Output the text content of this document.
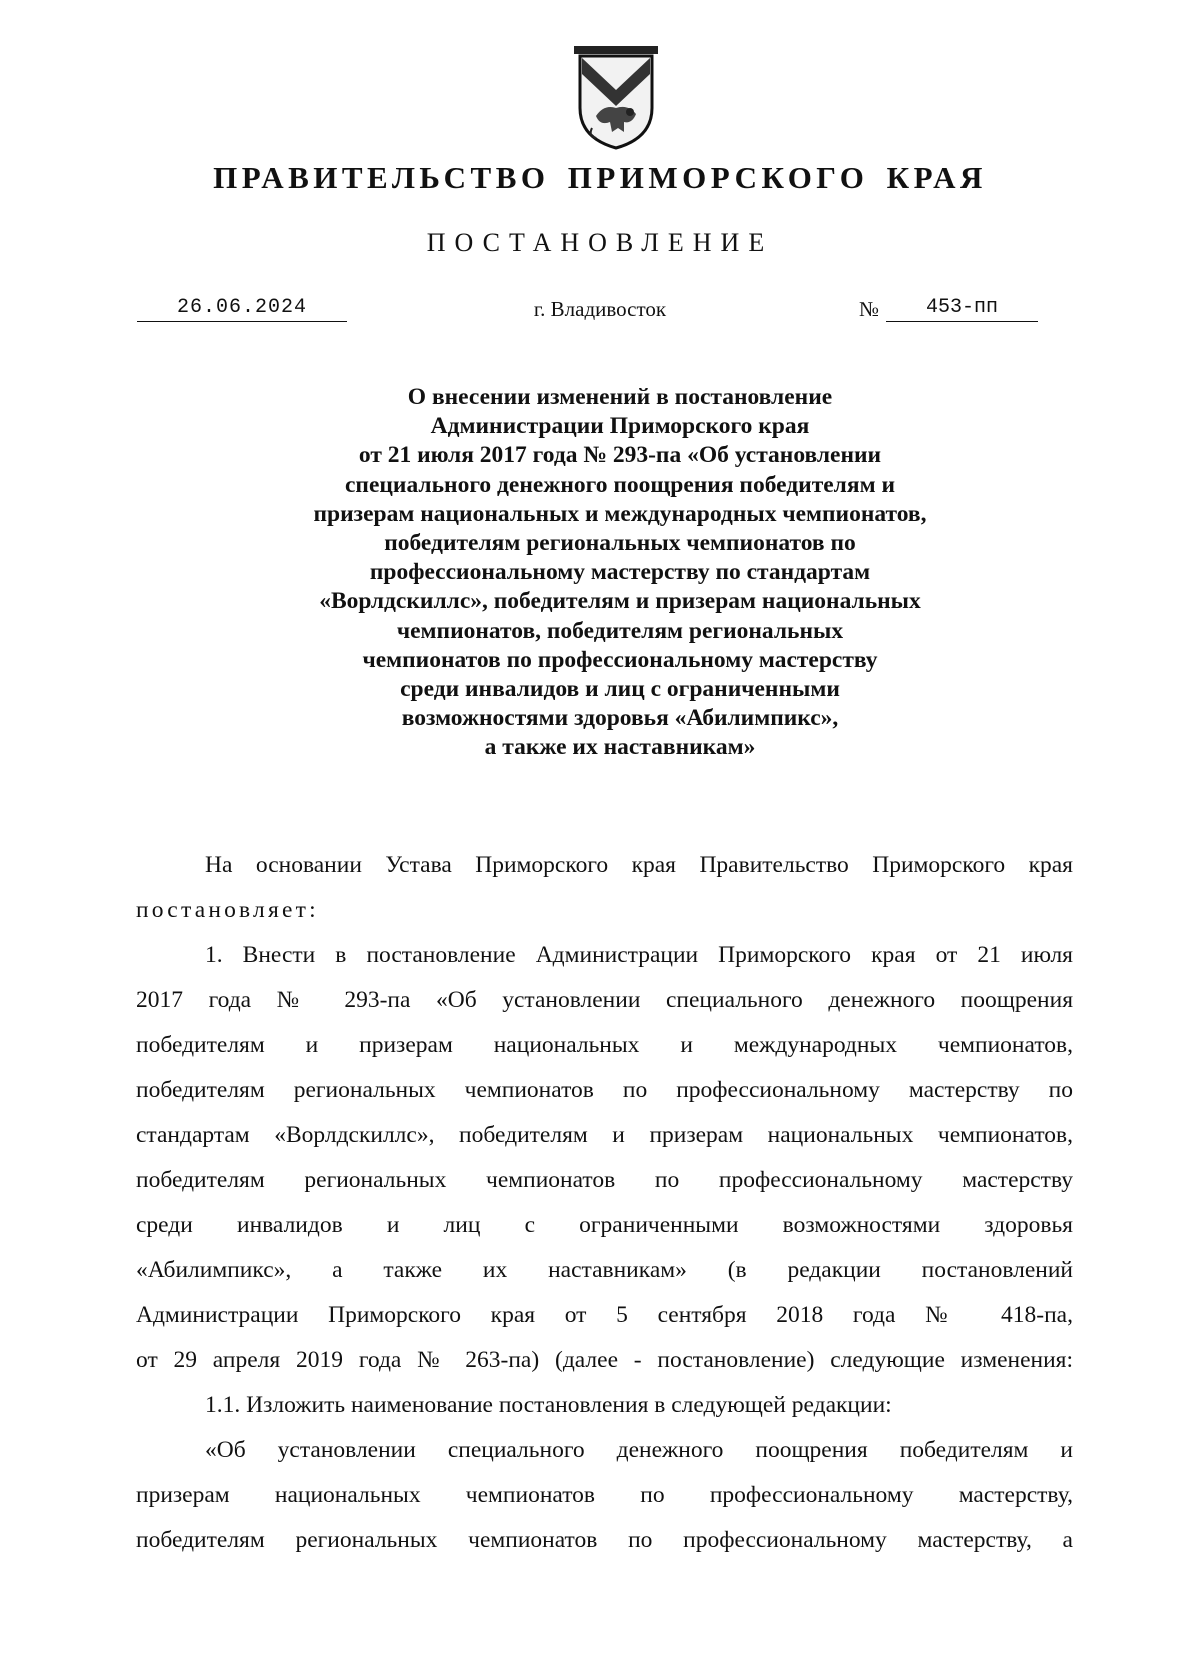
ПРАВИТЕЛЬСТВО ПРИМОРСКОГО КРАЯ
ПОСТАНОВЛЕНИЕ
26.06.2024	г. Владивосток	№	453-пп
О внесении изменений в постановление
Администрации Приморского края
от 21 июля 2017 года № 293-па «Об установлении
специального денежного поощрения победителям и
призерам национальных и международных чемпионатов,
победителям региональных чемпионатов по
профессиональному мастерству по стандартам
«Ворлдскиллс», победителям и призерам национальных
чемпионатов, победителям региональных
чемпионатов по профессиональному мастерству
среди инвалидов и лиц с ограниченными
возможностями здоровья «Абилимпикс»,
а также их наставникам»
На основании Устава Приморского края Правительство Приморского края
постановляет:
1. Внести в постановление Администрации Приморского края от 21 июля
2017 года № 293-па «Об установлении специального денежного поощрения
победителям и призерам национальных и международных чемпионатов,
победителям региональных чемпионатов по профессиональному мастерству по
стандартам «Ворлдскиллс», победителям и призерам национальных чемпионатов,
победителям региональных чемпионатов по профессиональному мастерству
среди инвалидов и лиц с ограниченными возможностями здоровья
«Абилимпикс», а также их наставникам» (в редакции постановлений
Администрации Приморского края от 5 сентября 2018 года № 418-па,
от 29 апреля 2019 года № 263-па) (далее - постановление) следующие изменения:
1.1. Изложить наименование постановления в следующей редакции:
«Об установлении специального денежного поощрения победителям и
призерам национальных чемпионатов по профессиональному мастерству,
победителям региональных чемпионатов по профессиональному мастерству, а
